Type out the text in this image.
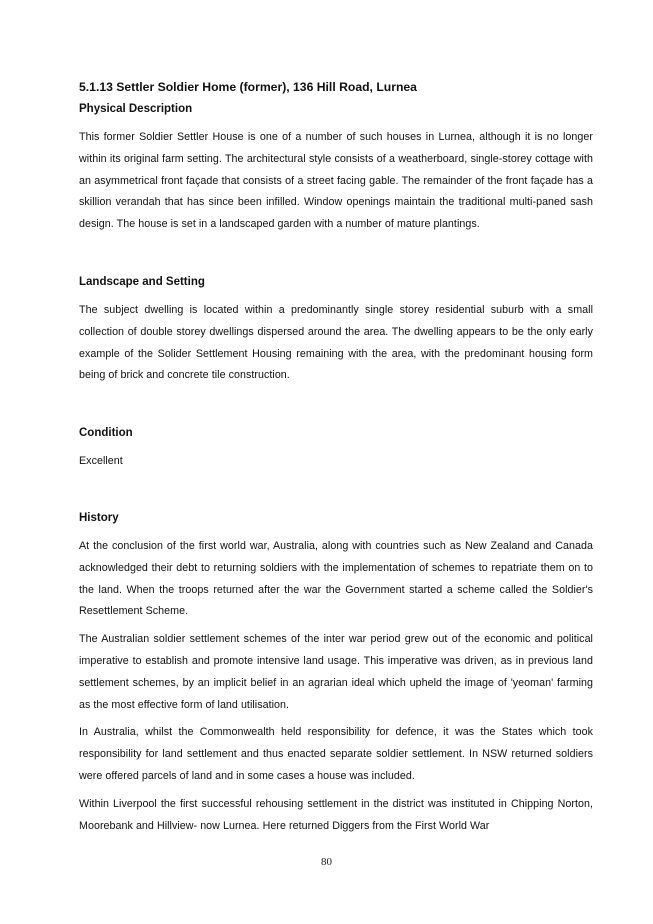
5.1.13 Settler Soldier Home (former), 136 Hill Road, Lurnea
Physical Description

This former Soldier Settler House is one of a number of such houses in Lurnea, although it is no longer within its original farm setting. The architectural style consists of a weatherboard, single-storey cottage with an asymmetrical front façade that consists of a street facing gable. The remainder of the front façade has a skillion verandah that has since been infilled. Window openings maintain the traditional multi-paned sash design. The house is set in a landscaped garden with a number of mature plantings.

Landscape and Setting

The subject dwelling is located within a predominantly single storey residential suburb with a small collection of double storey dwellings dispersed around the area. The dwelling appears to be the only early example of the Solider Settlement Housing remaining with the area, with the predominant housing form being of brick and concrete tile construction.

Condition

Excellent

History

At the conclusion of the first world war, Australia, along with countries such as New Zealand and Canada acknowledged their debt to returning soldiers with the implementation of schemes to repatriate them on to the land. When the troops returned after the war the Government started a scheme called the Soldier's Resettlement Scheme.

The Australian soldier settlement schemes of the inter war period grew out of the economic and political imperative to establish and promote intensive land usage. This imperative was driven, as in previous land settlement schemes, by an implicit belief in an agrarian ideal which upheld the image of 'yeoman' farming as the most effective form of land utilisation.

In Australia, whilst the Commonwealth held responsibility for defence, it was the States which took responsibility for land settlement and thus enacted separate soldier settlement. In NSW returned soldiers were offered parcels of land and in some cases a house was included.

Within Liverpool the first successful rehousing settlement in the district was instituted in Chipping Norton, Moorebank and Hillview- now Lurnea. Here returned Diggers from the First World War

80
